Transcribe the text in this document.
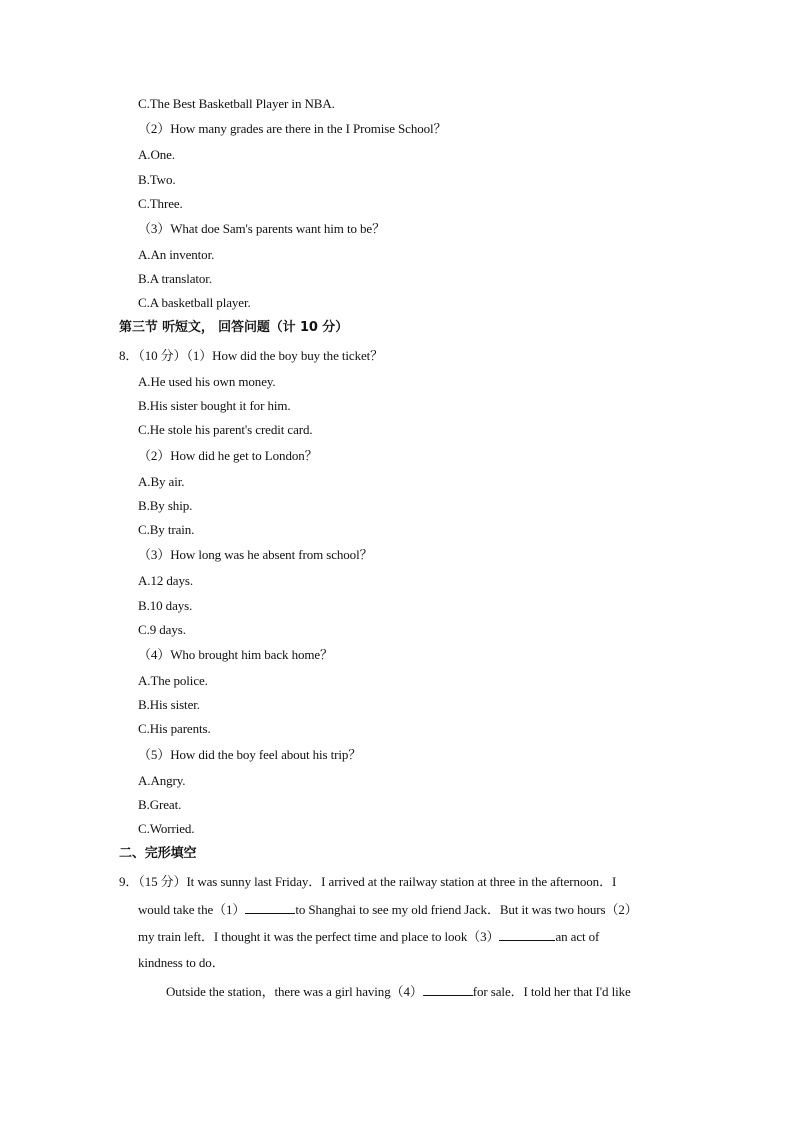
C.The Best Basketball Player in NBA.
（2）How many grades are there in the I Promise School？
A.One.
B.Two.
C.Three.
（3）What doe Sam's parents want him to be？
A.An inventor.
B.A translator.
C.A basketball player.
第三节 听短文， 回答问题（计 10 分）
8．（10 分）（1）How did the boy buy the ticket？
A.He used his own money.
B.His sister bought it for him.
C.He stole his parent's credit card.
（2）How did he get to London？
A.By air.
B.By ship.
C.By train.
（3）How long was he absent from school？
A.12 days.
B.10 days.
C.9 days.
（4）Who brought him back home？
A.The police.
B.His sister.
C.His parents.
（5）How did the boy feel about his trip？
A.Angry.
B.Great.
C.Worried.
二、完形填空
9．（15 分）It was sunny last Friday．I arrived at the railway station at three in the afternoon．I
would take the（1）	to Shanghai to see my old friend Jack．But it was two hours（2）
my train left．I thought it was the perfect time and place to look（3）	an act of
kindness to do．
Outside the station，there was a girl having（4）	for sale．I told her that I'd like
